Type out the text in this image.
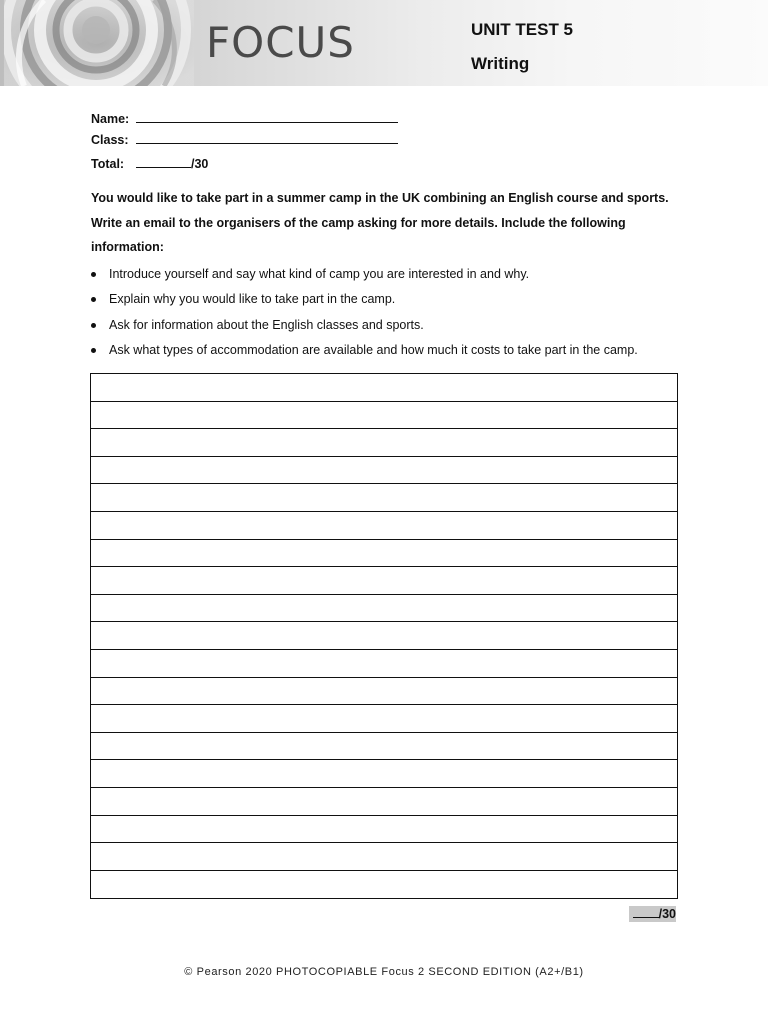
FOCUS	UNIT TEST 5
Writing
Name:
Class:
Total:	/30
You would like to take part in a summer camp in the UK combining an English course and sports.
Write an email to the organisers of the camp asking for more details. Include the following
information:
Introduce yourself and say what kind of camp you are interested in and why.
Explain why you would like to take part in the camp.
Ask for information about the English classes and sports.
Ask what types of accommodation are available and how much it costs to take part in the camp.
/30
© Pearson 2020 PHOTOCOPIABLE Focus 2 SECOND EDITION (A2+/B1)
